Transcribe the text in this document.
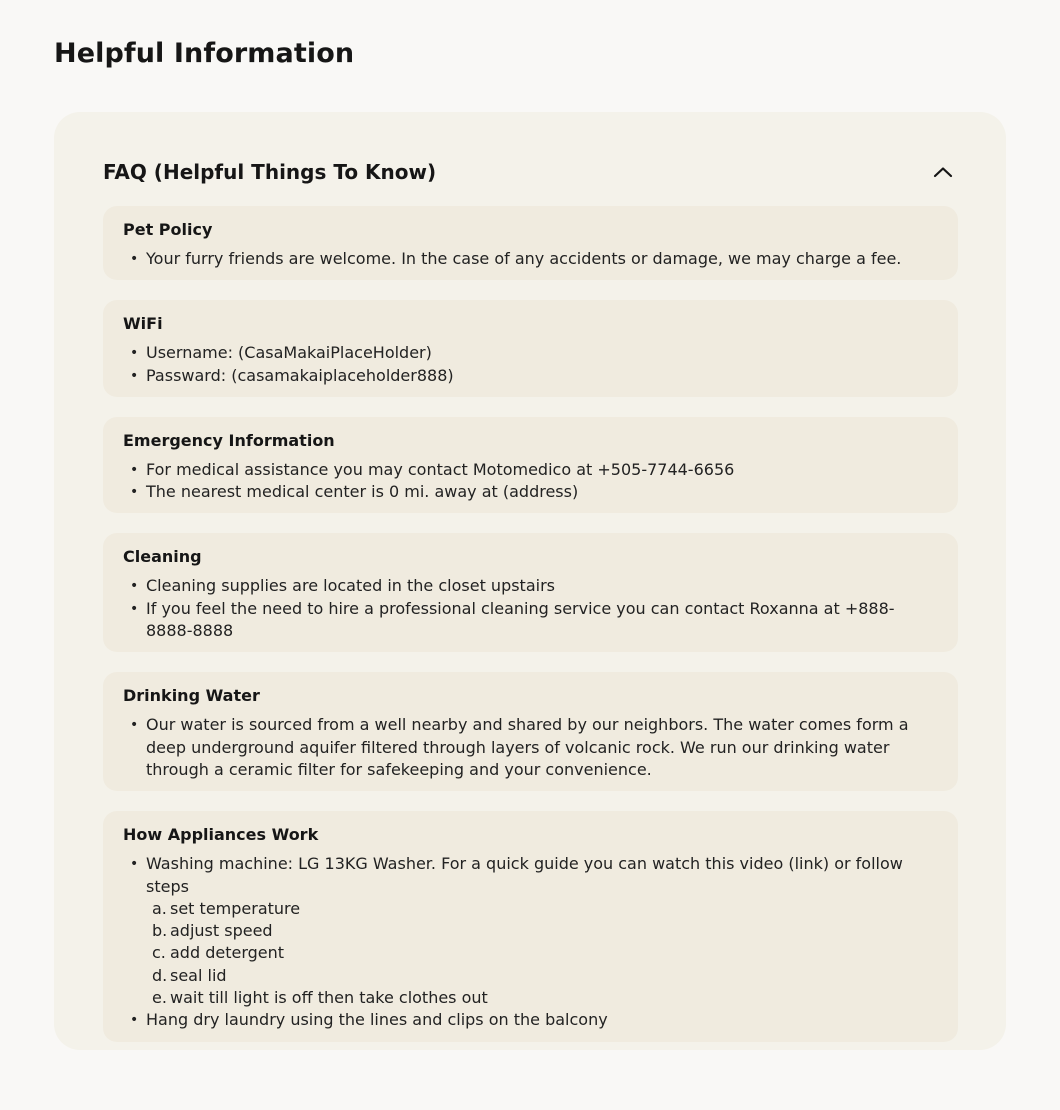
Helpful Information
FAQ (Helpful Things To Know)
Pet Policy
• Your furry friends are welcome. In the case of any accidents or damage, we may charge a fee.
WiFi
• Username: (CasaMakaiPlaceHolder)
• Passward: (casamakaiplaceholder888)
Emergency Information
• For medical assistance you may contact Motomedico at +505-7744-6656
• The nearest medical center is 0 mi. away at (address)
Cleaning
• Cleaning supplies are located in the closet upstairs
• If you feel the need to hire a professional cleaning service you can contact Roxanna at +888-8888-8888
Drinking Water
• Our water is sourced from a well nearby and shared by our neighbors. The water comes form a deep underground aquifer filtered through layers of volcanic rock. We run our drinking water through a ceramic filter for safekeeping and your convenience.
How Appliances Work
• Washing machine: LG 13KG Washer. For a quick guide you can watch this video (link) or follow steps
a. set temperature
b. adjust speed
c. add detergent
d. seal lid
e. wait till light is off then take clothes out
• Hang dry laundry using the lines and clips on the balcony
